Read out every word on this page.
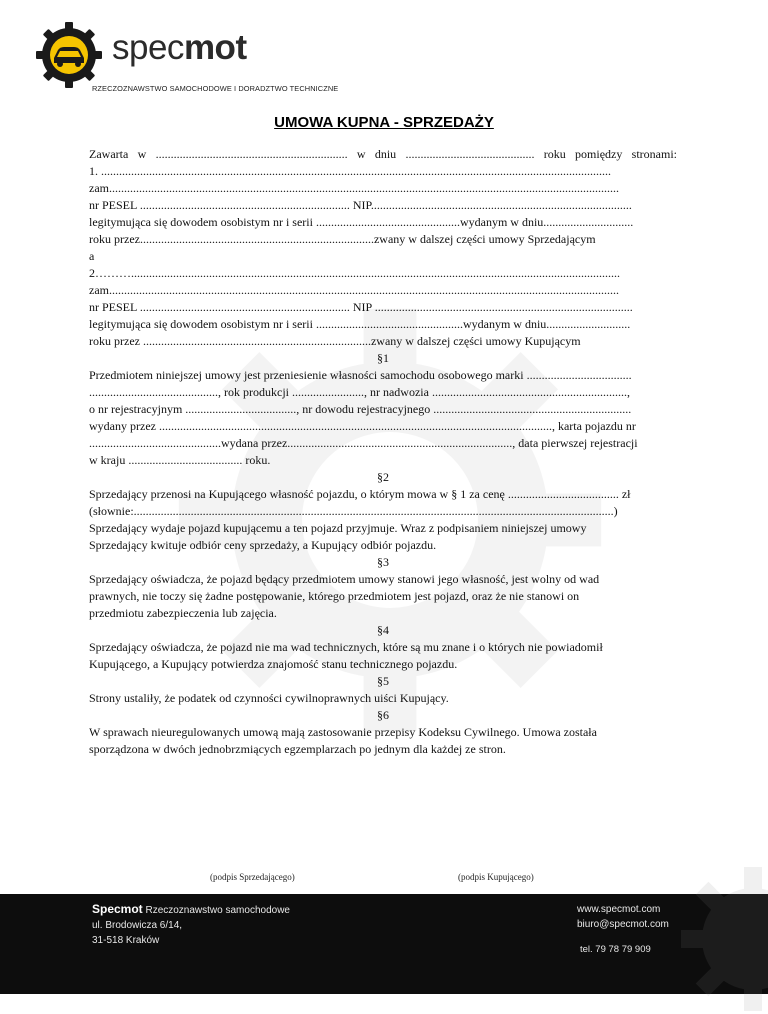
specmot
RZECZOZNAWSTWO SAMOCHODOWE I DORADZTWO TECHNICZNE
UMOWA KUPNA - SPRZEDAŻY
Zawarta w ................................................................ w dniu ........................................... roku pomiędzy stronami:
1. ..........................................................................................................................................................................
zam..........................................................................................................................................................................
nr PESEL ...................................................................... NIP.......................................................................................
legitymująca się dowodem osobistym nr i serii ................................................wydanym w dniu..............................
roku przez..............................................................................zwany w dalszej części umowy Sprzedającym
a
2………...................................................................................................................................................................
zam..........................................................................................................................................................................
nr PESEL ...................................................................... NIP ......................................................................................
legitymująca się dowodem osobistym nr i serii .................................................wydanym w dniu............................
roku przez ............................................................................zwany w dalszej części umowy Kupującym
§1
Przedmiotem niniejszej umowy jest przeniesienie własności samochodu osobowego marki ...................................
..........................................., rok produkcji ........................, nr nadwozia .................................................................,
o nr rejestracyjnym ....................................., nr dowodu rejestracyjnego ..................................................................
wydany przez ..................................................................................................................................., karta pojazdu nr
............................................wydana przez..........................................................................., data pierwszej rejestracji
w kraju ...................................... roku.
§2
Sprzedający przenosi na Kupującego własność pojazdu, o którym mowa w § 1 za cenę ..................................... zł
(słownie:................................................................................................................................................................)
Sprzedający wydaje pojazd kupującemu a ten pojazd przyjmuje. Wraz z podpisaniem niniejszej umowy
Sprzedający kwituje odbiór ceny sprzedaży, a Kupujący odbiór pojazdu.
§3
Sprzedający oświadcza, że pojazd będący przedmiotem umowy stanowi jego własność, jest wolny od wad
prawnych, nie toczy się żadne postępowanie, którego przedmiotem jest pojazd, oraz że nie stanowi on
przedmiotu zabezpieczenia lub zajęcia.
§4
Sprzedający oświadcza, że pojazd nie ma wad technicznych, które są mu znane i o których nie powiadomił
Kupującego, a Kupujący potwierdza znajomość stanu technicznego pojazdu.
§5
Strony ustaliły, że podatek od czynności cywilnoprawnych uiści Kupujący.
§6
W sprawach nieuregulowanych umową mają zastosowanie przepisy Kodeksu Cywilnego. Umowa została
sporządzona w dwóch jednobrzmiących egzemplarzach po jednym dla każdej ze stron.
(podpis Sprzedającego)	(podpis Kupującego)
Specmot Rzeczoznawstwo samochodowe
ul. Brodowicza 6/14,
31-518 Kraków
www.specmot.com
biuro@specmot.com
tel. 79 78 79 909
